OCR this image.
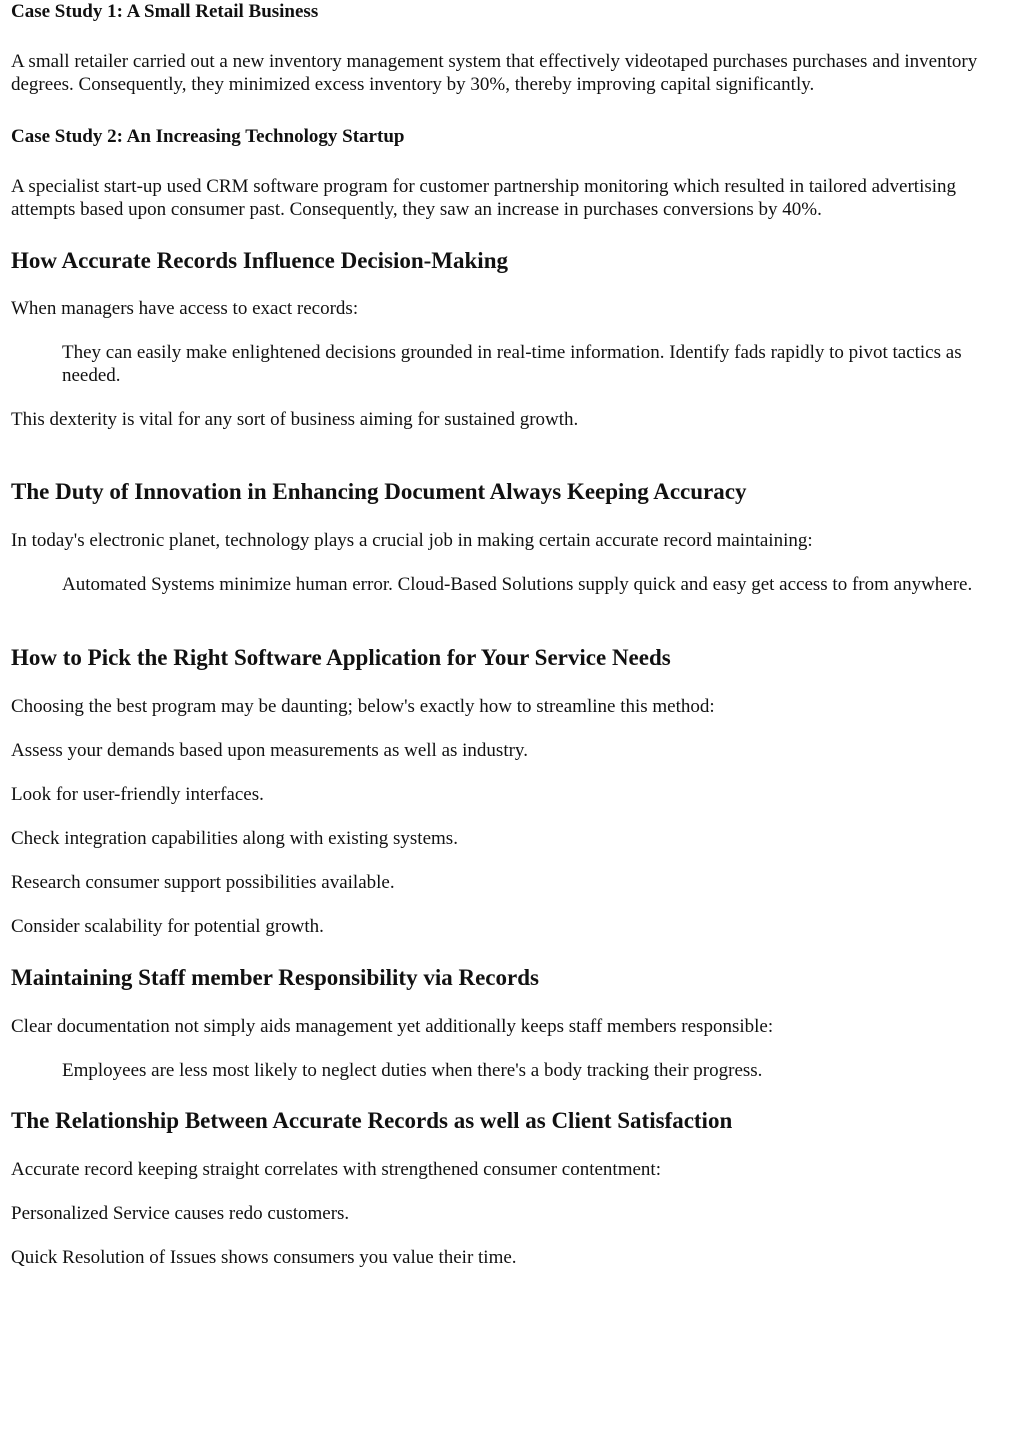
Case Study 1: A Small Retail Business

A small retailer carried out a new inventory management system that effectively videotaped purchases purchases and inventory degrees. Consequently, they minimized excess inventory by 30%, thereby improving capital significantly.

Case Study 2: An Increasing Technology Startup

A specialist start-up used CRM software program for customer partnership monitoring which resulted in tailored advertising attempts based upon consumer past. Consequently, they saw an increase in purchases conversions by 40%.

How Accurate Records Influence Decision-Making

When managers have access to exact records:

They can easily make enlightened decisions grounded in real-time information. Identify fads rapidly to pivot tactics as needed.

This dexterity is vital for any sort of business aiming for sustained growth.

The Duty of Innovation in Enhancing Document Always Keeping Accuracy

In today's electronic planet, technology plays a crucial job in making certain accurate record maintaining:

Automated Systems minimize human error. Cloud-Based Solutions supply quick and easy get access to from anywhere.
How to Pick the Right Software Application for Your Service Needs

Choosing the best program may be daunting; below's exactly how to streamline this method:

Assess your demands based upon measurements as well as industry.

Look for user-friendly interfaces.

Check integration capabilities along with existing systems.

Research consumer support possibilities available.

Consider scalability for potential growth.

Maintaining Staff member Responsibility via Records

Clear documentation not simply aids management yet additionally keeps staff members responsible:

Employees are less most likely to neglect duties when there's a body tracking their progress.
The Relationship Between Accurate Records as well as Client Satisfaction

Accurate record keeping straight correlates with strengthened consumer contentment:

Personalized Service causes redo customers.

Quick Resolution of Issues shows consumers you value their time.
